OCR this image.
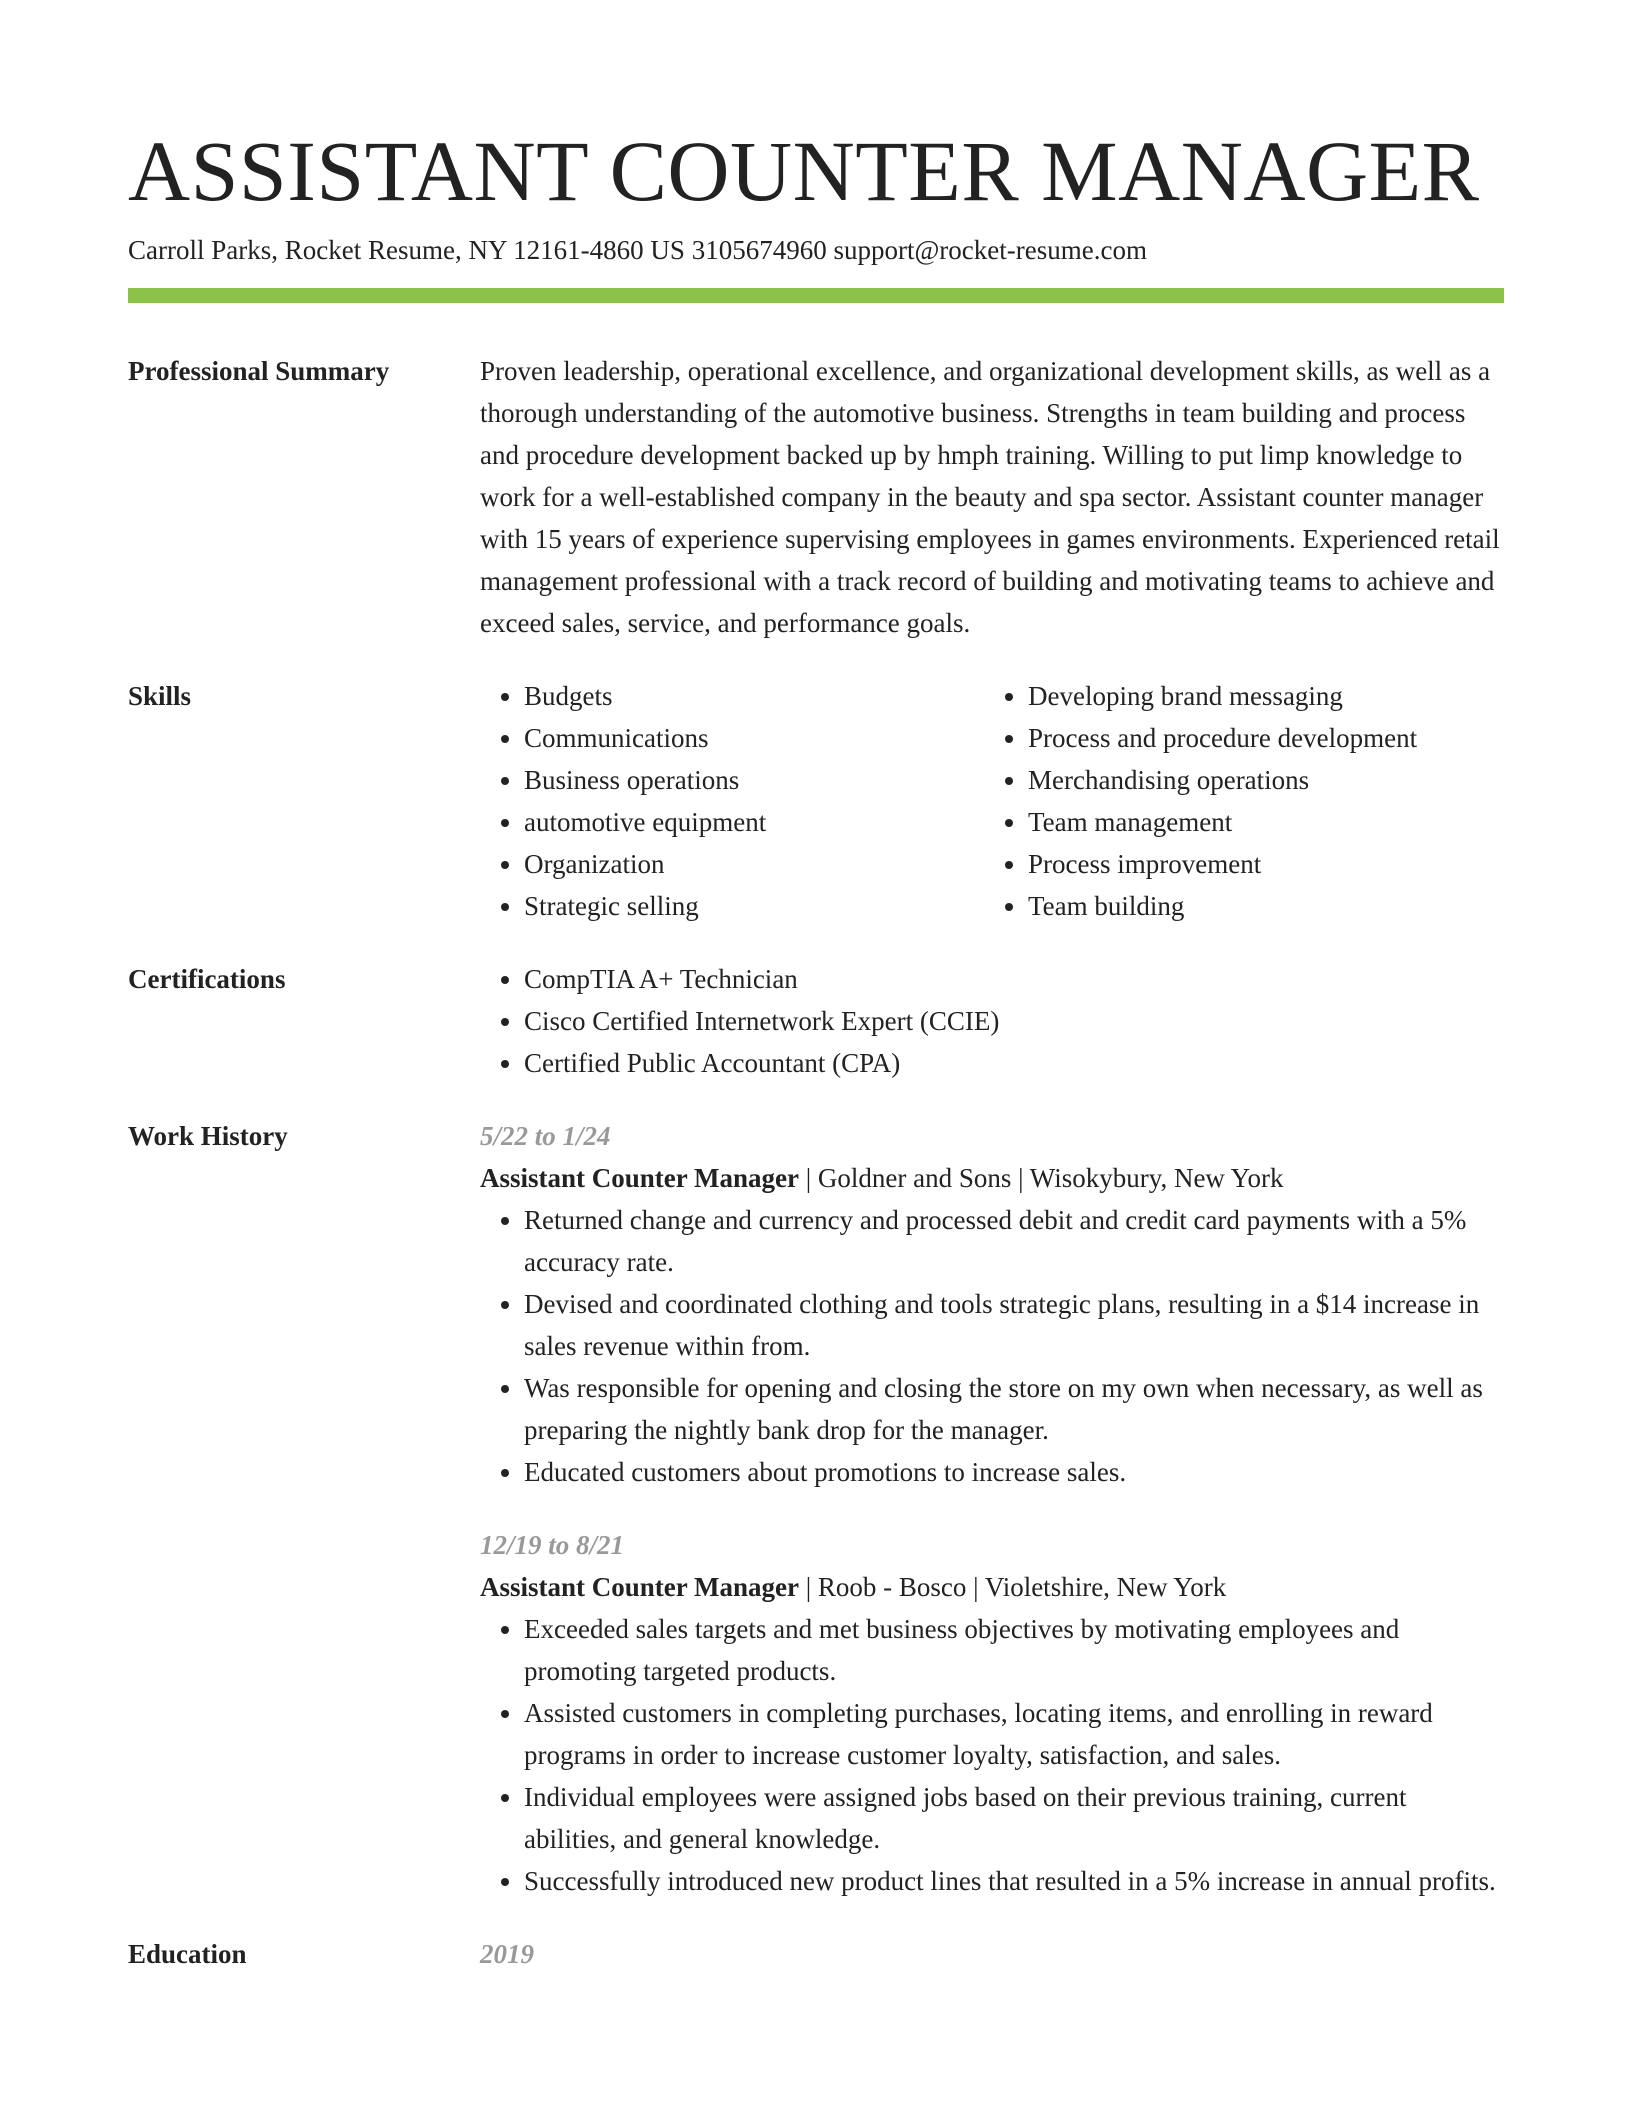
ASSISTANT COUNTER MANAGER
Carroll Parks, Rocket Resume, NY 12161-4860 US 3105674960 support@rocket-resume.com
Professional Summary	Proven leadership, operational excellence, and organizational development skills, as well as a thorough understanding of the automotive business. Strengths in team building and process and procedure development backed up by hmph training. Willing to put limp knowledge to work for a well-established company in the beauty and spa sector. Assistant counter manager with 15 years of experience supervising employees in games environments. Experienced retail management professional with a track record of building and motivating teams to achieve and exceed sales, service, and performance goals.

Skills	• Budgets
• Communications
• Business operations
• automotive equipment
• Organization
• Strategic selling
• Developing brand messaging
• Process and procedure development
• Merchandising operations
• Team management
• Process improvement
• Team building
Certifications	• CompTIA A+ Technician
• Cisco Certified Internetwork Expert (CCIE)
• Certified Public Accountant (CPA)
Work History	5/22 to 1/24
Assistant Counter Manager | Goldner and Sons | Wisokybury, New York
• Returned change and currency and processed debit and credit card payments with a 5% accuracy rate.
• Devised and coordinated clothing and tools strategic plans, resulting in a $14 increase in sales revenue within from.
• Was responsible for opening and closing the store on my own when necessary, as well as preparing the nightly bank drop for the manager.
• Educated customers about promotions to increase sales.
12/19 to 8/21
Assistant Counter Manager | Roob - Bosco | Violetshire, New York
• Exceeded sales targets and met business objectives by motivating employees and promoting targeted products.
• Assisted customers in completing purchases, locating items, and enrolling in reward programs in order to increase customer loyalty, satisfaction, and sales.
• Individual employees were assigned jobs based on their previous training, current abilities, and general knowledge.
• Successfully introduced new product lines that resulted in a 5% increase in annual profits.
Education	2019
